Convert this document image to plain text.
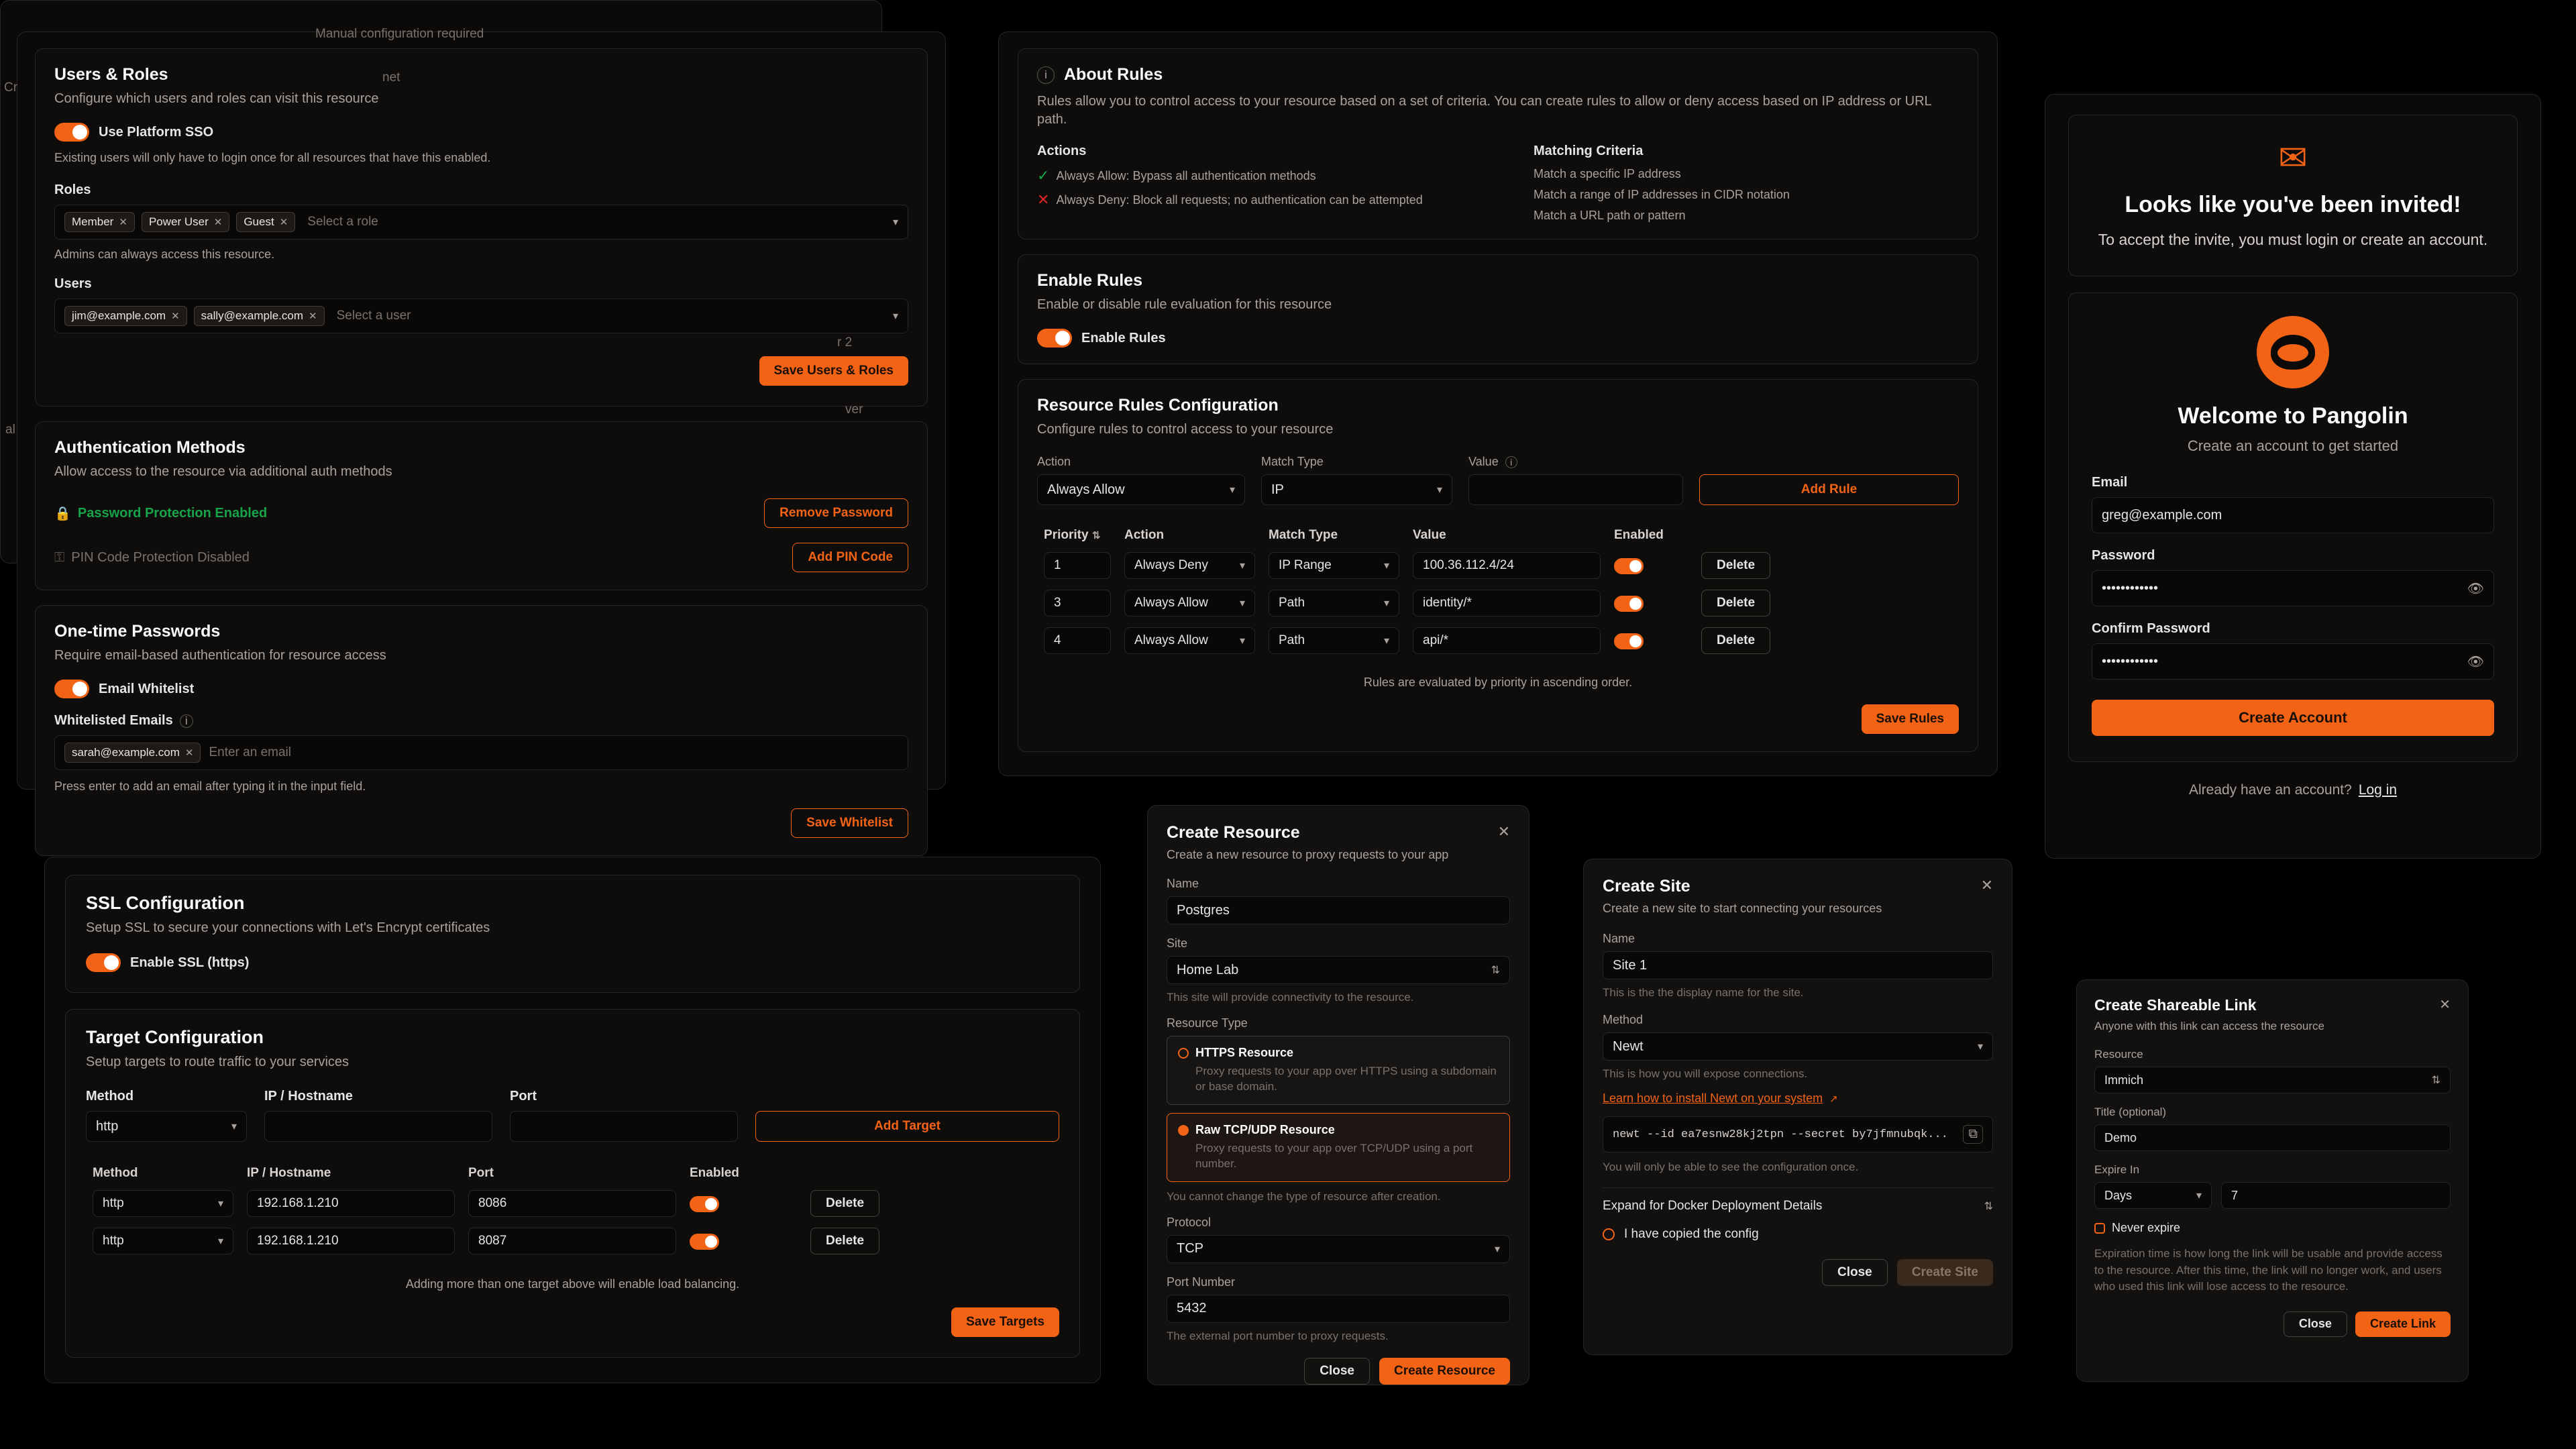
Users & Roles
Configure which users and roles can visit this resource
Use Platform SSO
Existing users will only have to login once for all resources that have this enabled.
Roles
Member ✕ Power User ✕ Guest ✕ Select a role	▾
Admins can always access this resource.
Users
jim@example.com ✕ sally@example.com ✕ Select a user	▾
Save Users & Roles
Authentication Methods
Allow access to the resource via additional auth methods
🔒 Password Protection Enabled	Remove Password
⚿ PIN Code Protection Disabled	Add PIN Code
One-time Passwords
Require email-based authentication for resource access
Email Whitelist
Whitelisted Emails	i
sarah@example.com ✕ Enter an email
Press enter to add an email after typing it in the input field.
Save Whitelist
i	About Rules
Rules allow you to control access to your resource based on a set of criteria. You can create rules to allow or deny access based on IP address or URL path.
Actions
✓ Always Allow: Bypass all authentication methods
✕ Always Deny: Block all requests; no authentication can be attempted
Matching Criteria
Match a specific IP address
Match a range of IP addresses in CIDR notation
Match a URL path or pattern
Enable Rules
Enable or disable rule evaluation for this resource
Enable Rules
Resource Rules Configuration
Configure rules to control access to your resource
Action
Always Allow	▾
Match Type
IP	▾
Value	i
Add Rule
Priority ⇅	Action	Match Type	Value	Enabled	

1	Always Deny ▾	IP Range ▾	100.36.112.4/24		Delete

3	Always Allow ▾	Path ▾	identity/*		Delete

4	Always Allow ▾	Path ▾	api/*		Delete
Rules are evaluated by priority in ascending order.
Save Rules
✉
Looks like you've been invited!
To accept the invite, you must login or create an account.
Welcome to Pangolin
Create an account to get started
Email
greg@example.com
Password
••••••••••••	👁
Confirm Password
••••••••••••	👁
Create Account
Already have an account? Log in
SSL Configuration
Setup SSL to secure your connections with Let's Encrypt certificates
Enable SSL (https)
Target Configuration
Setup targets to route traffic to your services
Method
http	▾
IP / Hostname	Port
Add Target
Method	IP / Hostname	Port	Enabled	

http ▾	192.168.1.210	8086		Delete

http ▾	192.168.1.210	8087		Delete
Adding more than one target above will enable load balancing.
Save Targets
Manual configuration required
net
Cr
al
ver
r 2
Create Resource
Create a new resource to proxy requests to your app
✕
Name
Postgres
Site
Home Lab	⇅
This site will provide connectivity to the resource.
Resource Type
HTTPS Resource
Proxy requests to your app over HTTPS using a subdomain or base domain.
Raw TCP/UDP Resource
Proxy requests to your app over TCP/UDP using a port number.
You cannot change the type of resource after creation.
Protocol
TCP	▾
Port Number
5432
The external port number to proxy requests.
Close	Create Resource
Create Site
Create a new site to start connecting your resources
✕
Name
Site 1
This is the the display name for the site.
Method
Newt	▾
This is how you will expose connections.
Learn how to install Newt on your system ↗
newt --id ea7esnw28kj2tpn --secret by7jfmnubqk...	⧉
You will only be able to see the configuration once.
Expand for Docker Deployment Details	⇅
I have copied the config
Close	Create Site
Create Shareable Link
Anyone with this link can access the resource
✕
Resource
Immich	⇅
Title (optional)
Demo
Expire In
Days	▾ 7
Never expire
Expiration time is how long the link will be usable and provide access to the resource. After this time, the link will no longer work, and users who used this link will lose access to the resource.
Close	Create Link
